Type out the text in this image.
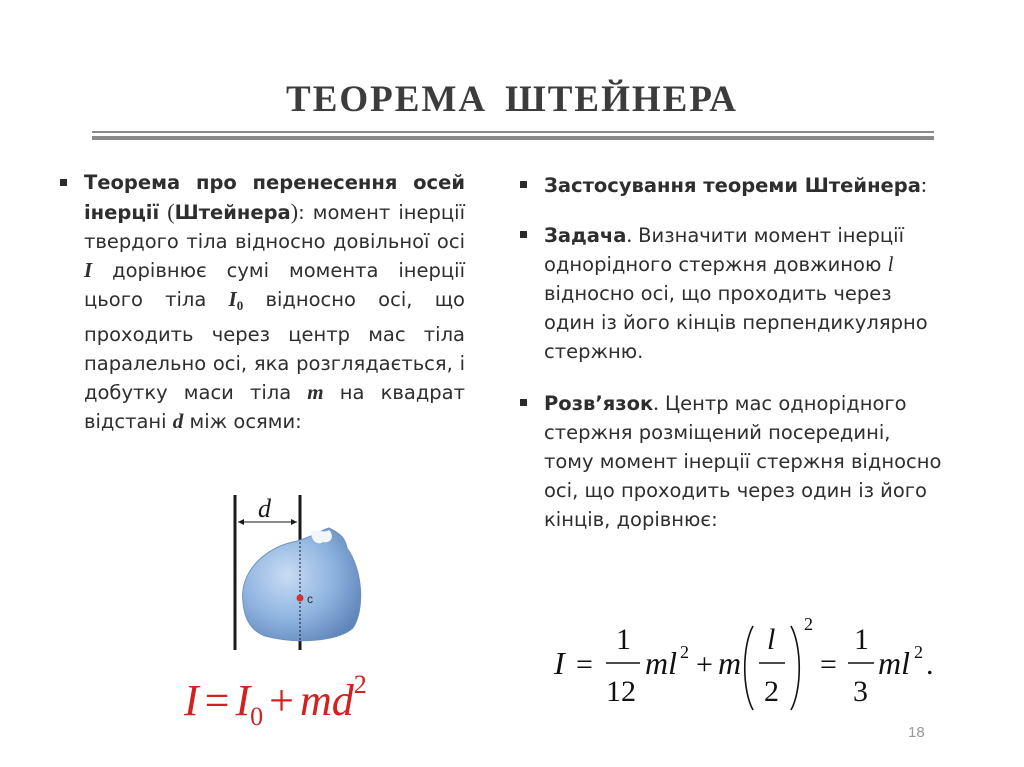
ТЕОРЕМА ШТЕЙНЕРА
Теорема про перенесення осей інерції (Штейнера): момент інерції твердого тіла відносно довільної осі I дорівнює сумі момента інерції цього тіла I0 відносно осі, що проходить через центр мас тіла паралельно осі, яка розглядається, і добутку маси тіла m на квадрат відстані d між осями:
d
c
$I = I_0 + md^2$
Застосування теореми Штейнера:
Задача. Визначити момент інерції однорідного стержня довжиною l відносно осі, що проходить через один із його кінців перпендикулярно стержню.
Розв’язок. Центр мас однорідного стержня розміщений посередині, тому момент інерції стержня відносно осі, що проходить через один із його кінців, дорівнює:
I =
1
12
ml 2 + m
l
2
2
=
1
3
ml 2 .
18
